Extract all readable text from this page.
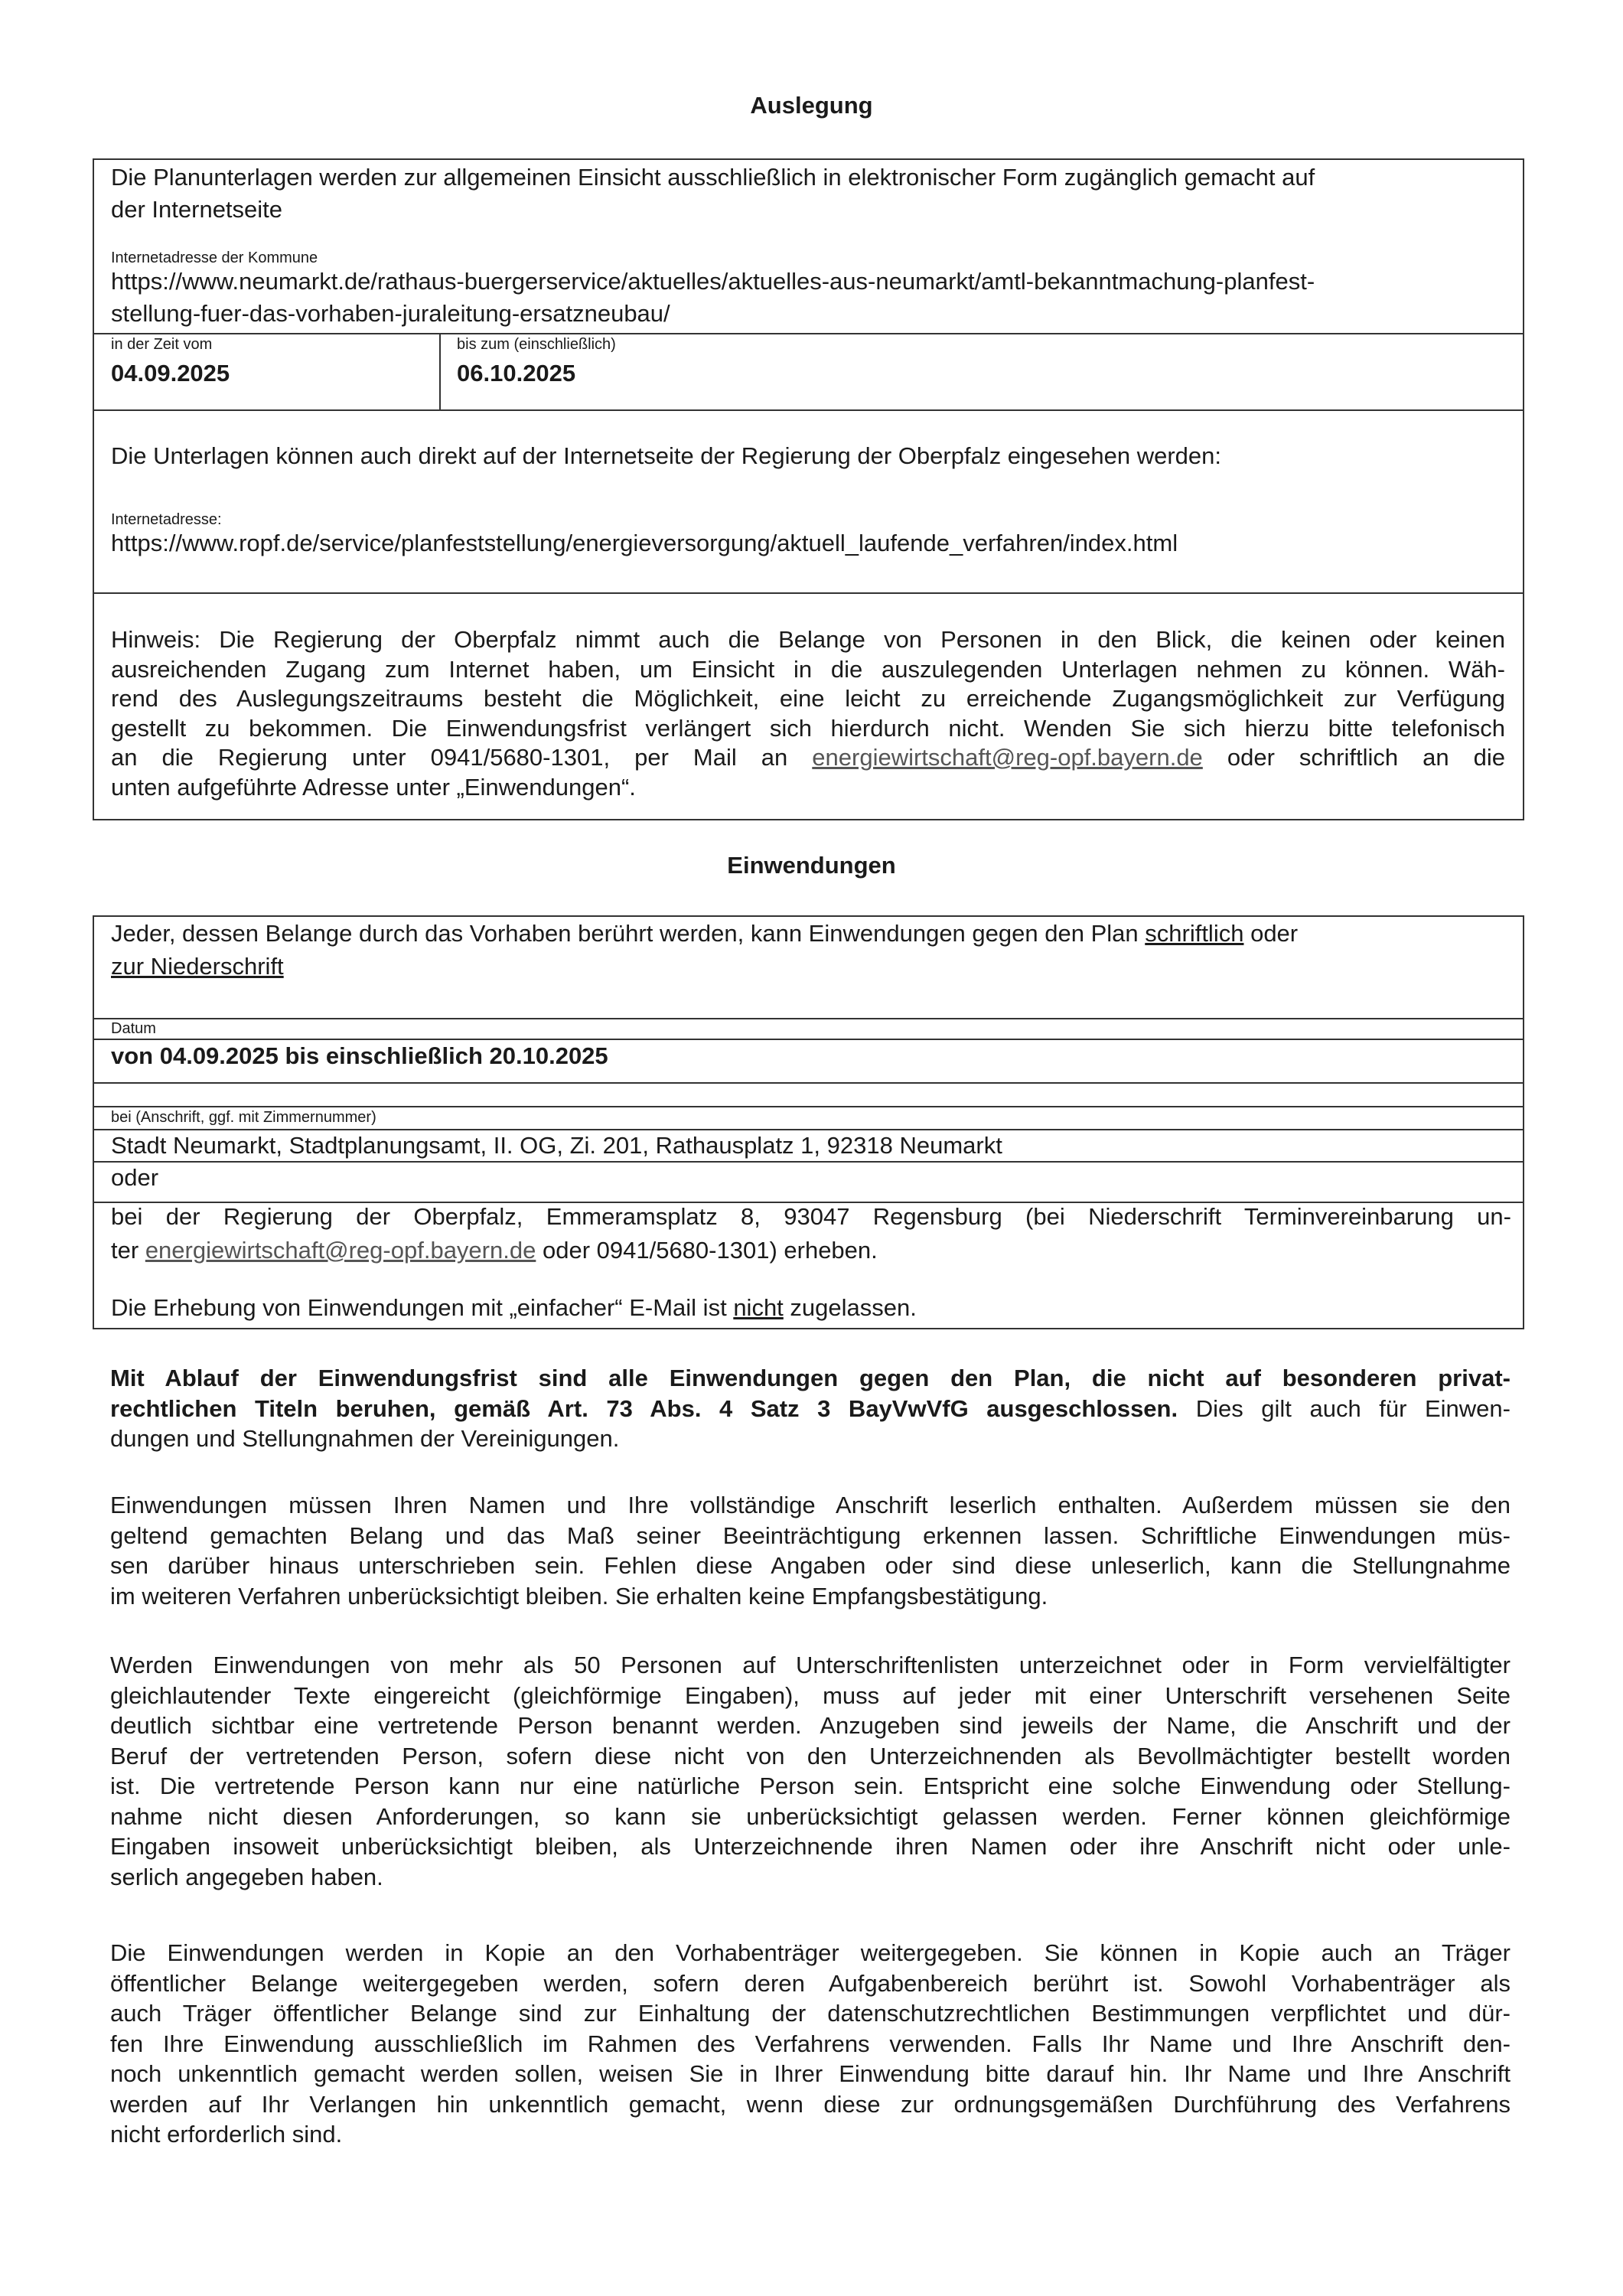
Auslegung
Die Planunterlagen werden zur allgemeinen Einsicht ausschließlich in elektronischer Form zugänglich gemacht auf
der Internetseite
Internetadresse der Kommune
https://www.neumarkt.de/rathaus-buergerservice/aktuelles/aktuelles-aus-neumarkt/amtl-bekanntmachung-planfest-
stellung-fuer-das-vorhaben-juraleitung-ersatzneubau/
in der Zeit vom
04.09.2025
bis zum (einschließlich)
06.10.2025
Die Unterlagen können auch direkt auf der Internetseite der Regierung der Oberpfalz eingesehen werden:
Internetadresse:
https://www.ropf.de/service/planfeststellung/energieversorgung/aktuell_laufende_verfahren/index.html
Hinweis: Die Regierung der Oberpfalz nimmt auch die Belange von Personen in den Blick, die keinen oder keinen
ausreichenden Zugang zum Internet haben, um Einsicht in die auszulegenden Unterlagen nehmen zu können. Wäh-
rend des Auslegungszeitraums besteht die Möglichkeit, eine leicht zu erreichende Zugangsmöglichkeit zur Verfügung
gestellt zu bekommen. Die Einwendungsfrist verlängert sich hierdurch nicht. Wenden Sie sich hierzu bitte telefonisch
an die Regierung unter 0941/5680-1301, per Mail an energiewirtschaft@reg-opf.bayern.de oder schriftlich an die
unten aufgeführte Adresse unter „Einwendungen“.
Einwendungen
Jeder, dessen Belange durch das Vorhaben berührt werden, kann Einwendungen gegen den Plan schriftlich oder
zur Niederschrift
Datum
von 04.09.2025 bis einschließlich 20.10.2025
bei (Anschrift, ggf. mit Zimmernummer)
Stadt Neumarkt, Stadtplanungsamt, II. OG, Zi. 201, Rathausplatz 1, 92318 Neumarkt
oder
bei der Regierung der Oberpfalz, Emmeramsplatz 8, 93047 Regensburg (bei Niederschrift Terminvereinbarung un-
ter energiewirtschaft@reg-opf.bayern.de oder 0941/5680-1301) erheben.
Die Erhebung von Einwendungen mit „einfacher“ E-Mail ist nicht zugelassen.
Mit Ablauf der Einwendungsfrist sind alle Einwendungen gegen den Plan, die nicht auf besonderen privat-
rechtlichen Titeln beruhen, gemäß Art. 73 Abs. 4 Satz 3 BayVwVfG ausgeschlossen. Dies gilt auch für Einwen-
dungen und Stellungnahmen der Vereinigungen.
Einwendungen müssen Ihren Namen und Ihre vollständige Anschrift leserlich enthalten. Außerdem müssen sie den
geltend gemachten Belang und das Maß seiner Beeinträchtigung erkennen lassen. Schriftliche Einwendungen müs-
sen darüber hinaus unterschrieben sein. Fehlen diese Angaben oder sind diese unleserlich, kann die Stellungnahme
im weiteren Verfahren unberücksichtigt bleiben. Sie erhalten keine Empfangsbestätigung.
Werden Einwendungen von mehr als 50 Personen auf Unterschriftenlisten unterzeichnet oder in Form vervielfältigter
gleichlautender Texte eingereicht (gleichförmige Eingaben), muss auf jeder mit einer Unterschrift versehenen Seite
deutlich sichtbar eine vertretende Person benannt werden. Anzugeben sind jeweils der Name, die Anschrift und der
Beruf der vertretenden Person, sofern diese nicht von den Unterzeichnenden als Bevollmächtigter bestellt worden
ist. Die vertretende Person kann nur eine natürliche Person sein. Entspricht eine solche Einwendung oder Stellung-
nahme nicht diesen Anforderungen, so kann sie unberücksichtigt gelassen werden. Ferner können gleichförmige
Eingaben insoweit unberücksichtigt bleiben, als Unterzeichnende ihren Namen oder ihre Anschrift nicht oder unle-
serlich angegeben haben.
Die Einwendungen werden in Kopie an den Vorhabenträger weitergegeben. Sie können in Kopie auch an Träger
öffentlicher Belange weitergegeben werden, sofern deren Aufgabenbereich berührt ist. Sowohl Vorhabenträger als
auch Träger öffentlicher Belange sind zur Einhaltung der datenschutzrechtlichen Bestimmungen verpflichtet und dür-
fen Ihre Einwendung ausschließlich im Rahmen des Verfahrens verwenden. Falls Ihr Name und Ihre Anschrift den-
noch unkenntlich gemacht werden sollen, weisen Sie in Ihrer Einwendung bitte darauf hin. Ihr Name und Ihre Anschrift
werden auf Ihr Verlangen hin unkenntlich gemacht, wenn diese zur ordnungsgemäßen Durchführung des Verfahrens
nicht erforderlich sind.
